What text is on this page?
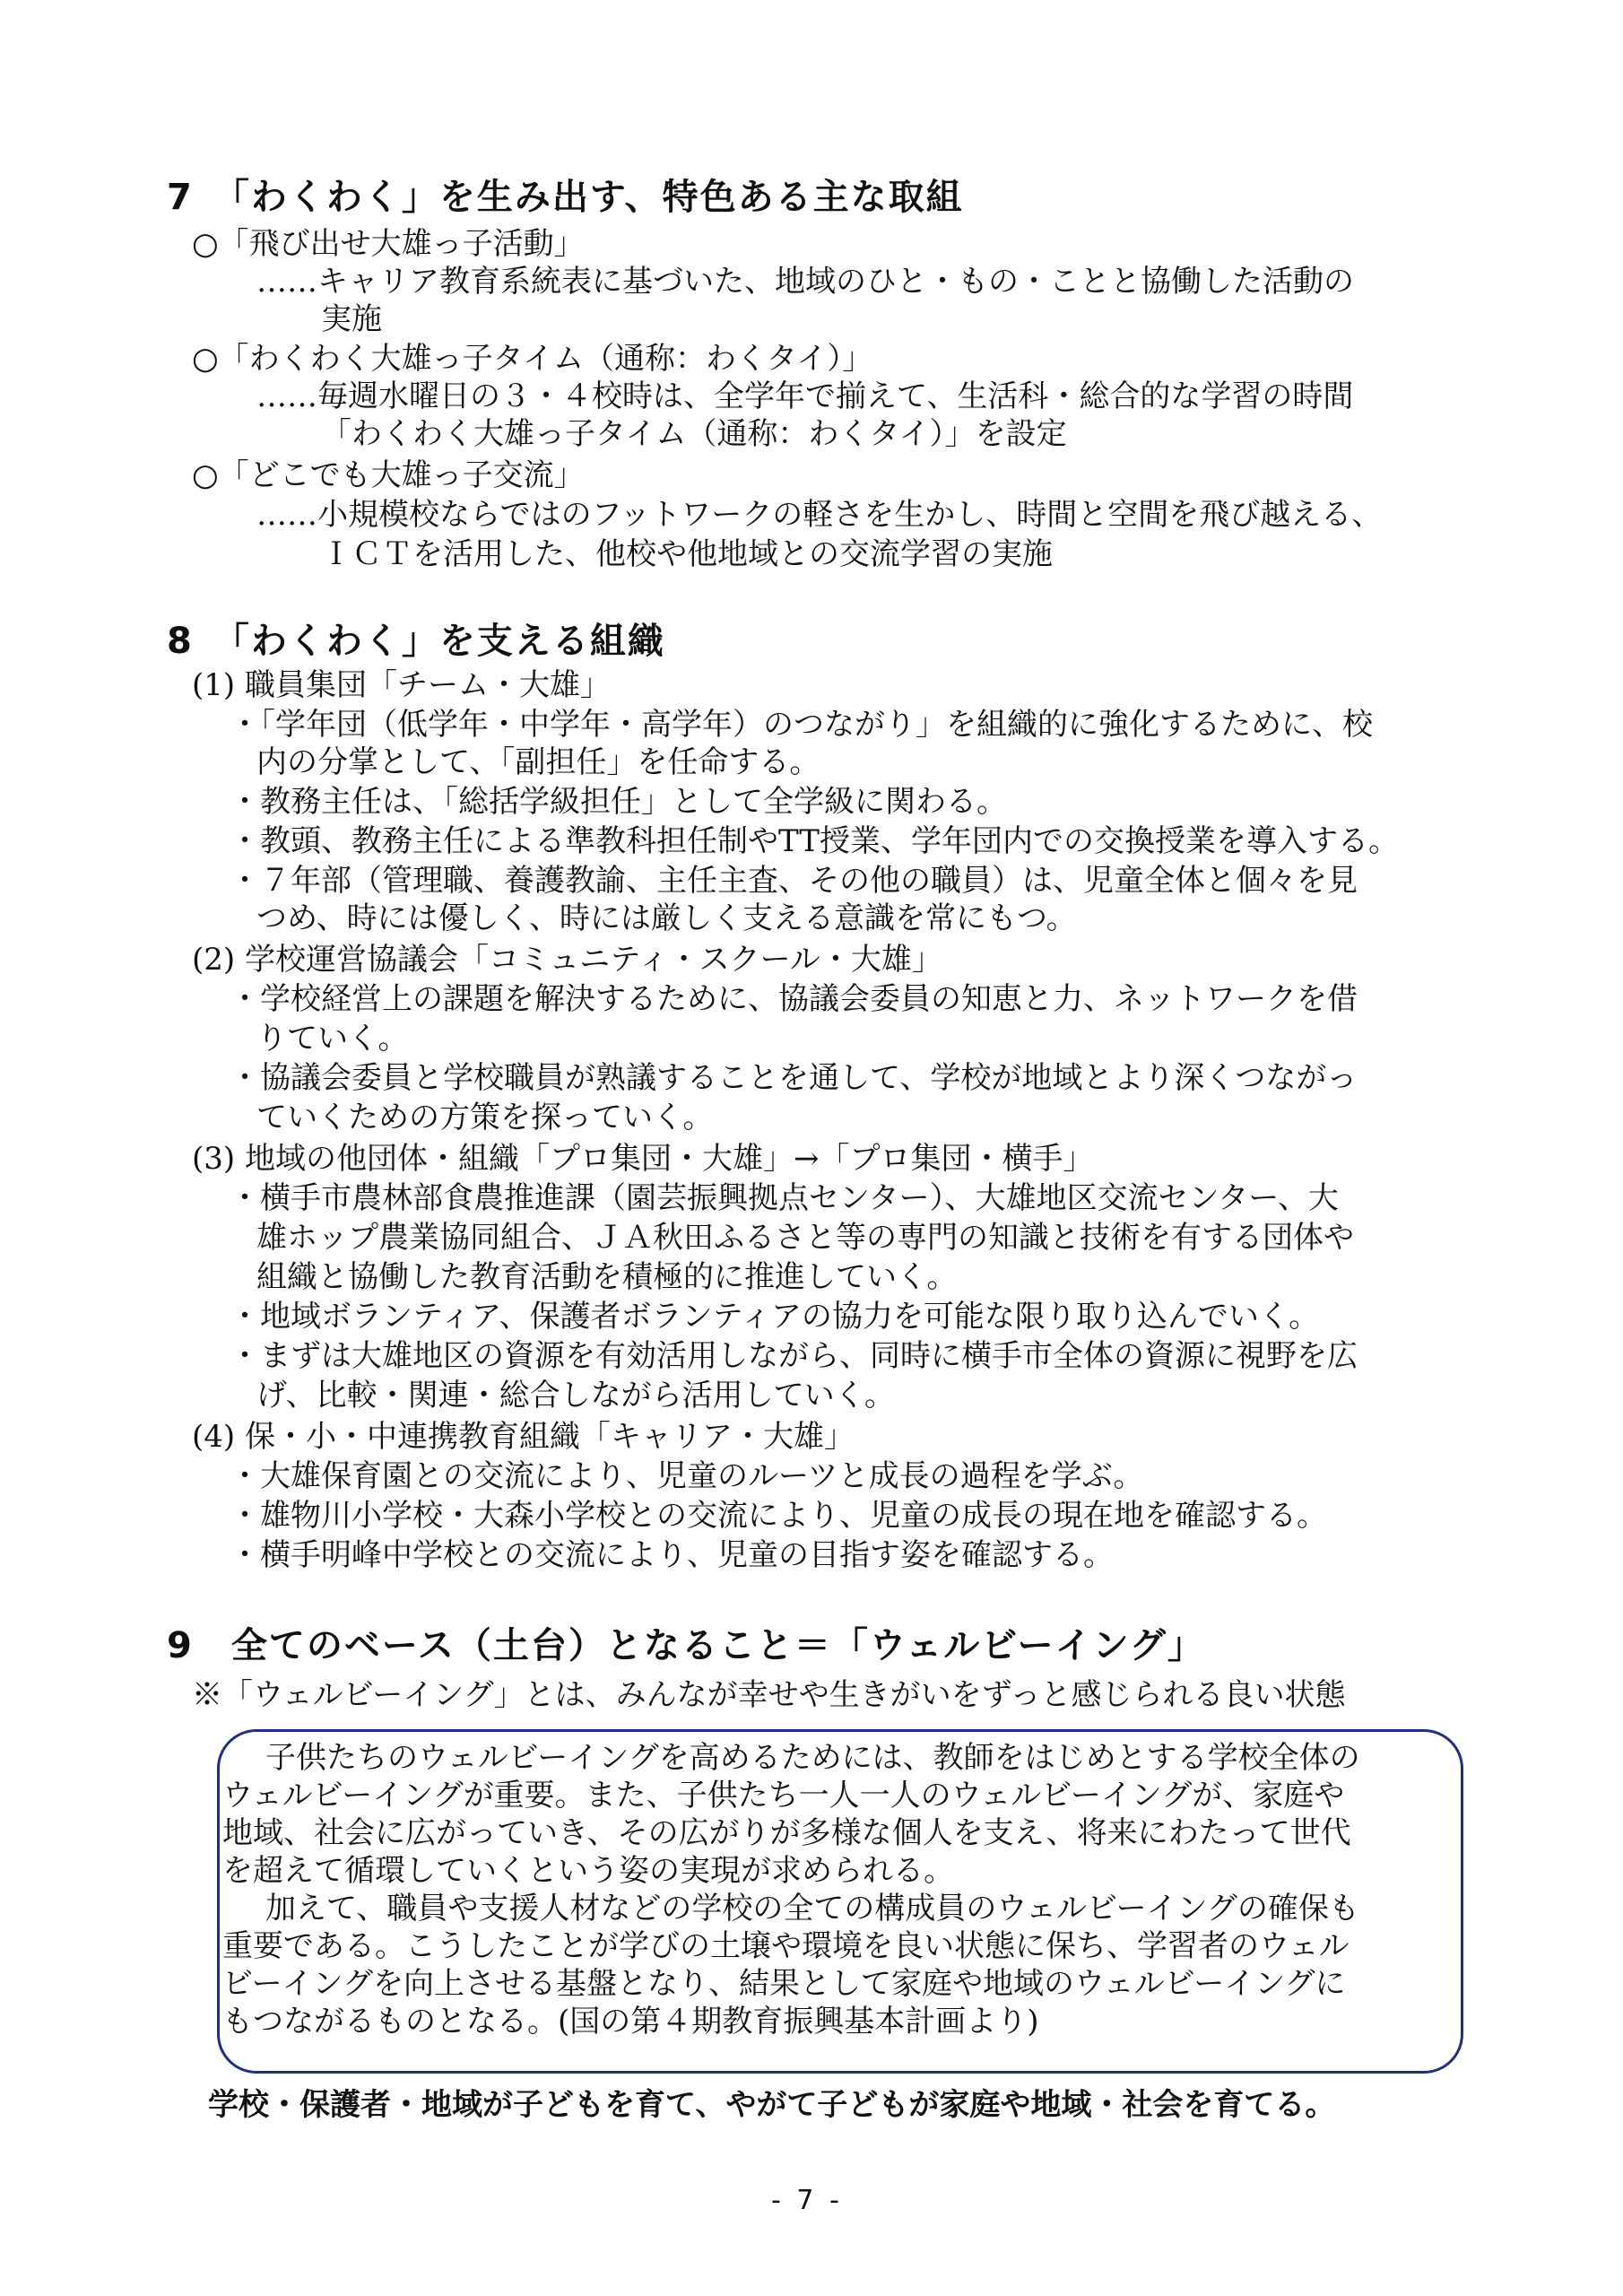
7　「わくわく」を生み出す、特色ある主な取組
○「飛び出せ大雄っ子活動」
……キャリア教育系統表に基づいた、地域のひと・もの・ことと協働した活動の
実施
○「わくわく大雄っ子タイム（通称：わくタイ）」
……毎週水曜日の３・４校時は、全学年で揃えて、生活科・総合的な学習の時間
「わくわく大雄っ子タイム（通称：わくタイ）」を設定
○「どこでも大雄っ子交流」
……小規模校ならではのフットワークの軽さを生かし、時間と空間を飛び越える、
ＩＣＴを活用した、他校や他地域との交流学習の実施
8　「わくわく」を支える組織
(1) 職員集団「チーム・大雄」
・「学年団（低学年・中学年・高学年）のつながり」を組織的に強化するために、校
内の分掌として、「副担任」を任命する。
・教務主任は、「総括学級担任」として全学級に関わる。
・教頭、教務主任による準教科担任制やTT授業、学年団内での交換授業を導入する。
・７年部（管理職、養護教諭、主任主査、その他の職員）は、児童全体と個々を見
つめ、時には優しく、時には厳しく支える意識を常にもつ。
(2) 学校運営協議会「コミュニティ・スクール・大雄」
・学校経営上の課題を解決するために、協議会委員の知恵と力、ネットワークを借
りていく。
・協議会委員と学校職員が熟議することを通して、学校が地域とより深くつながっ
ていくための方策を探っていく。
(3) 地域の他団体・組織「プロ集団・大雄」→「プロ集団・横手」
・横手市農林部食農推進課（園芸振興拠点センター）、大雄地区交流センター、大
雄ホップ農業協同組合、ＪＡ秋田ふるさと等の専門の知識と技術を有する団体や
組織と協働した教育活動を積極的に推進していく。
・地域ボランティア、保護者ボランティアの協力を可能な限り取り込んでいく。
・まずは大雄地区の資源を有効活用しながら、同時に横手市全体の資源に視野を広
げ、比較・関連・総合しながら活用していく。
(4) 保・小・中連携教育組織「キャリア・大雄」
・大雄保育園との交流により、児童のルーツと成長の過程を学ぶ。
・雄物川小学校・大森小学校との交流により、児童の成長の現在地を確認する。
・横手明峰中学校との交流により、児童の目指す姿を確認する。
9　全てのベース（土台）となること＝「ウェルビーイング」
※「ウェルビーイング」とは、みんなが幸せや生きがいをずっと感じられる良い状態
　子供たちのウェルビーイングを高めるためには、教師をはじめとする学校全体の
ウェルビーイングが重要。また、子供たち一人一人のウェルビーイングが、家庭や
地域、社会に広がっていき、その広がりが多様な個人を支え、将来にわたって世代
を超えて循環していくという姿の実現が求められる。
　加えて、職員や支援人材などの学校の全ての構成員のウェルビーイングの確保も
重要である。こうしたことが学びの土壌や環境を良い状態に保ち、学習者のウェル
ビーイングを向上させる基盤となり、結果として家庭や地域のウェルビーイングに
もつながるものとなる。(国の第４期教育振興基本計画より)
学校・保護者・地域が子どもを育て、やがて子どもが家庭や地域・社会を育てる。
- 7 -
